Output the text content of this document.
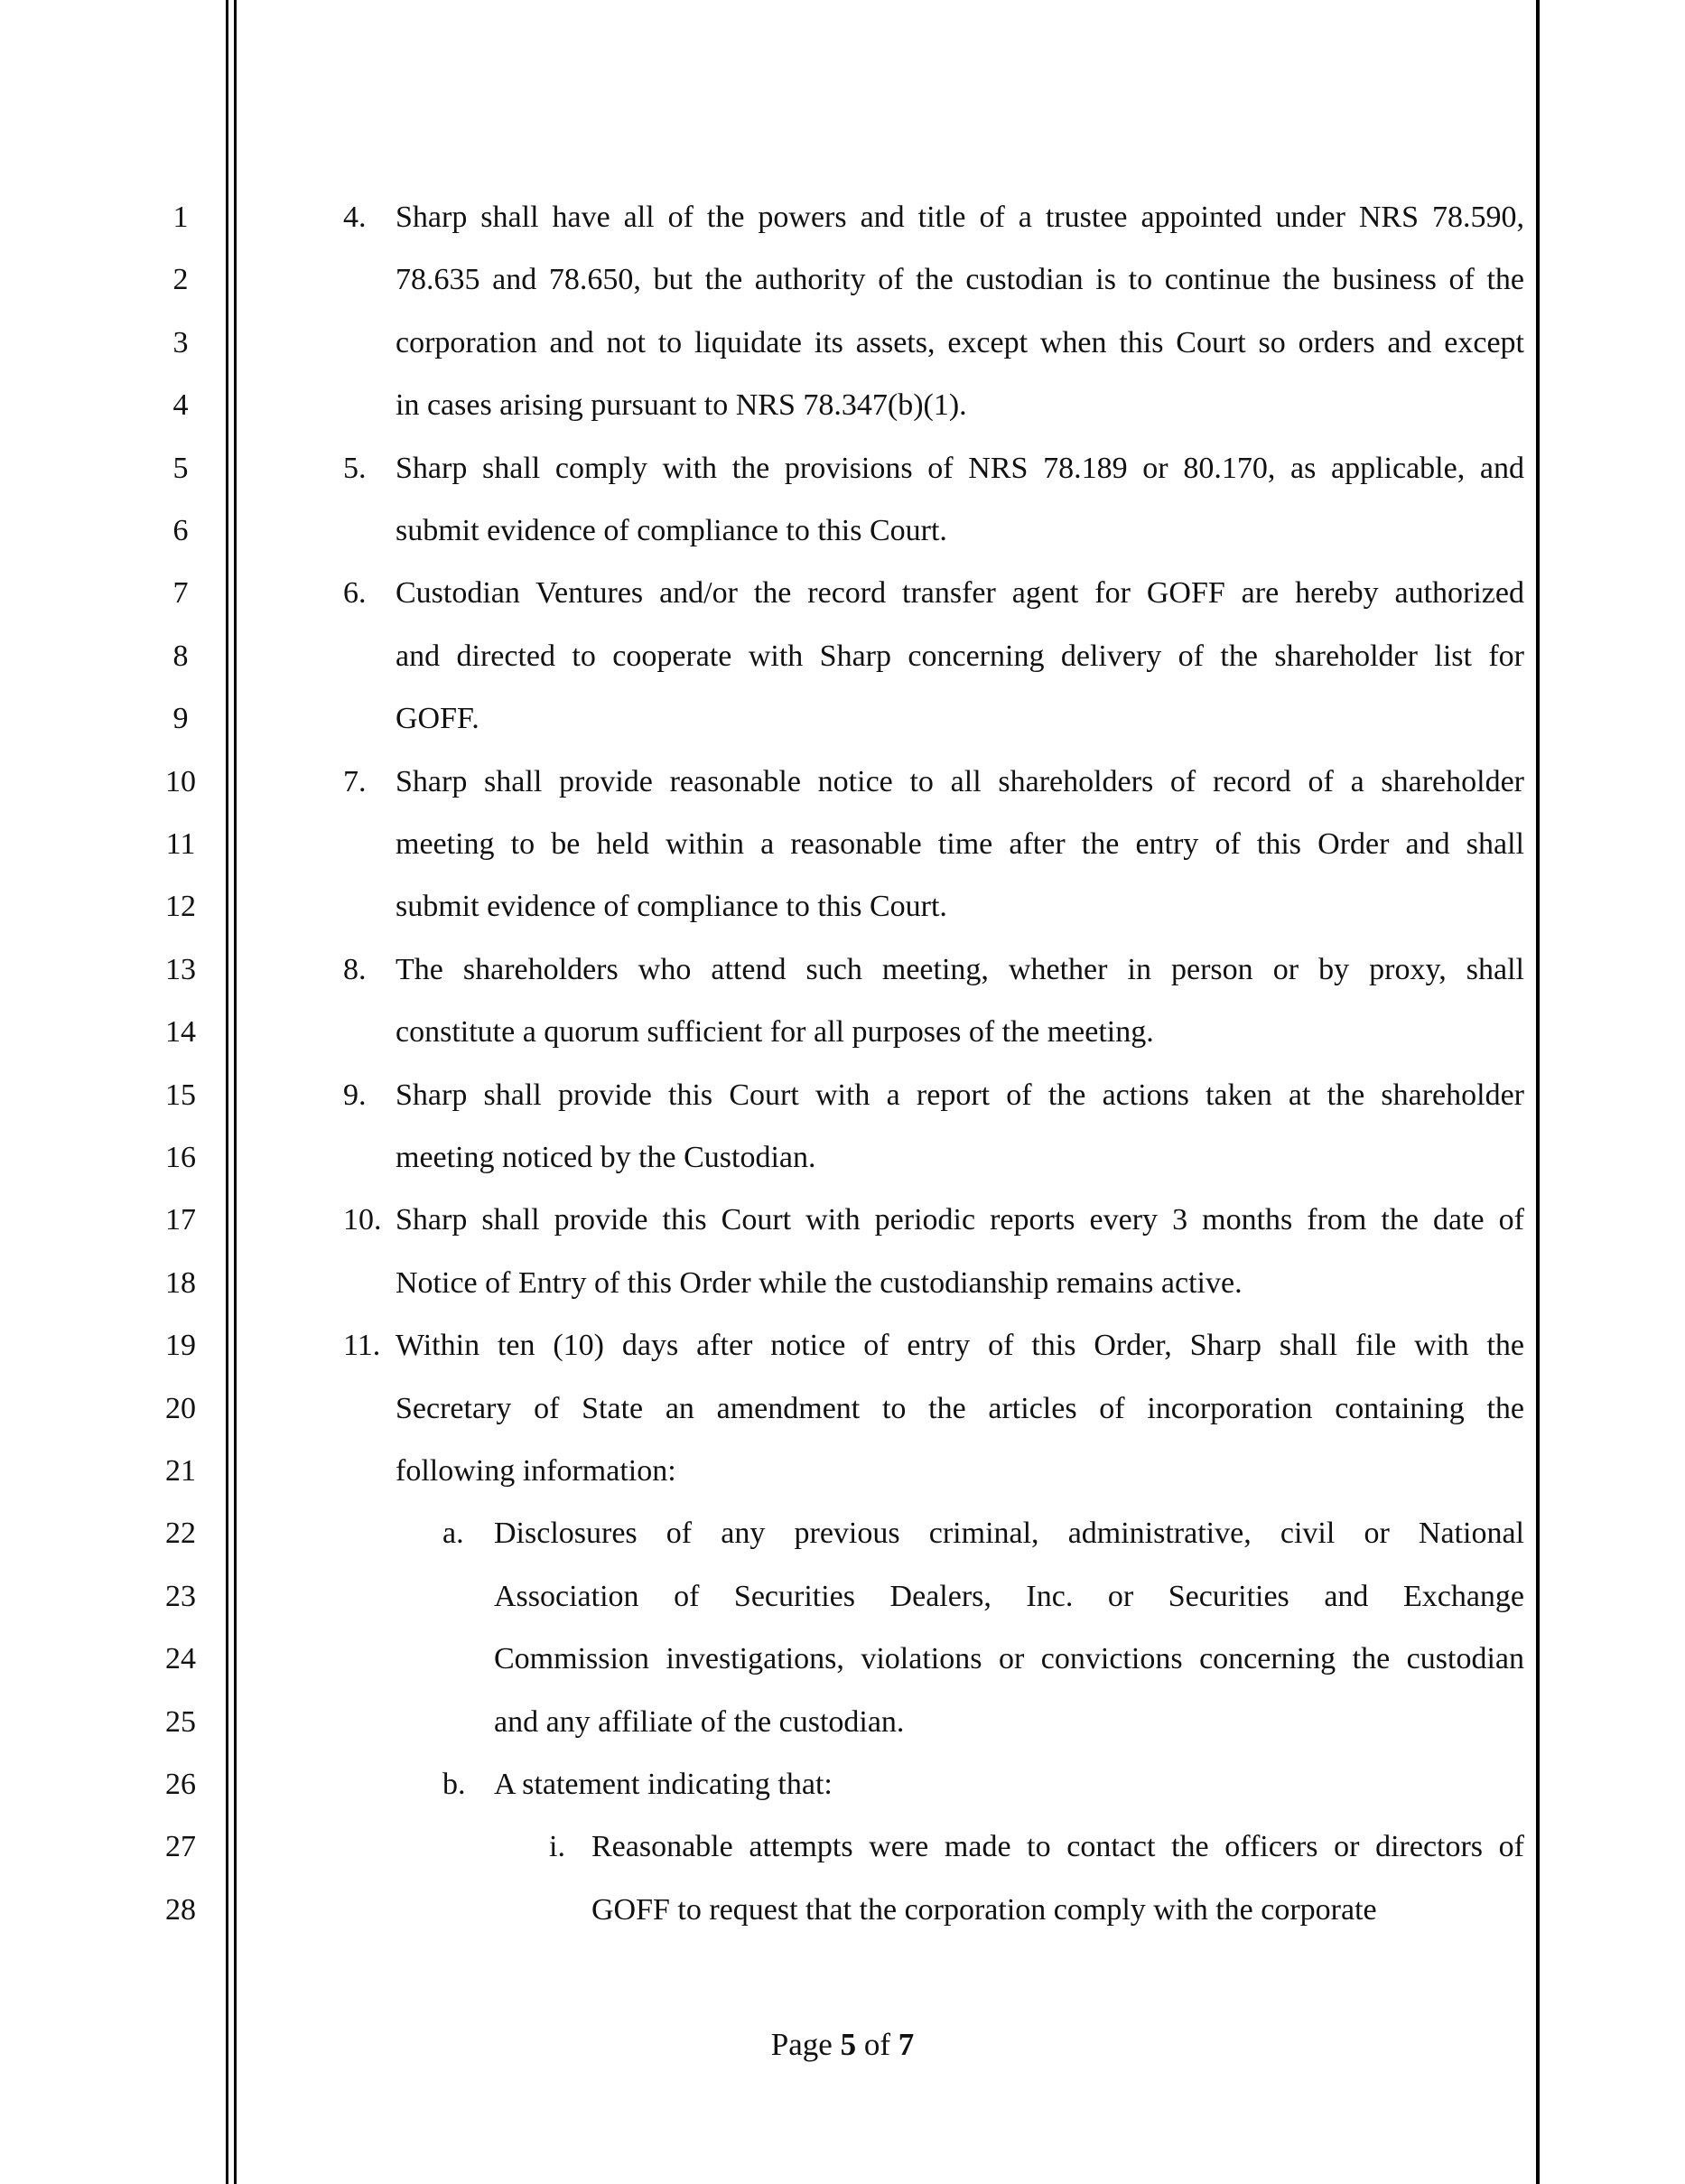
1
2
3
4
5
6
7
8
9
10
11
12
13
14
15
16
17
18
19
20
21
22
23
24
25
26
27
28
4. Sharp shall have all of the powers and title of a trustee appointed under NRS 78.590,
78.635 and 78.650, but the authority of the custodian is to continue the business of the
corporation and not to liquidate its assets, except when this Court so orders and except
in cases arising pursuant to NRS 78.347(b)(1).
5. Sharp shall comply with the provisions of NRS 78.189 or 80.170, as applicable, and
submit evidence of compliance to this Court.
6. Custodian Ventures and/or the record transfer agent for GOFF are hereby authorized
and directed to cooperate with Sharp concerning delivery of the shareholder list for
GOFF.
7. Sharp shall provide reasonable notice to all shareholders of record of a shareholder
meeting to be held within a reasonable time after the entry of this Order and shall
submit evidence of compliance to this Court.
8. The shareholders who attend such meeting, whether in person or by proxy, shall
constitute a quorum sufficient for all purposes of the meeting.
9. Sharp shall provide this Court with a report of the actions taken at the shareholder
meeting noticed by the Custodian.
10. Sharp shall provide this Court with periodic reports every 3 months from the date of
Notice of Entry of this Order while the custodianship remains active.
11. Within ten (10) days after notice of entry of this Order, Sharp shall file with the
Secretary of State an amendment to the articles of incorporation containing the
following information:
a. Disclosures of any previous criminal, administrative, civil or National
Association of Securities Dealers, Inc. or Securities and Exchange
Commission investigations, violations or convictions concerning the custodian
and any affiliate of the custodian.
b. A statement indicating that:
i. Reasonable attempts were made to contact the officers or directors of
GOFF to request that the corporation comply with the corporate
Page 5 of 7
